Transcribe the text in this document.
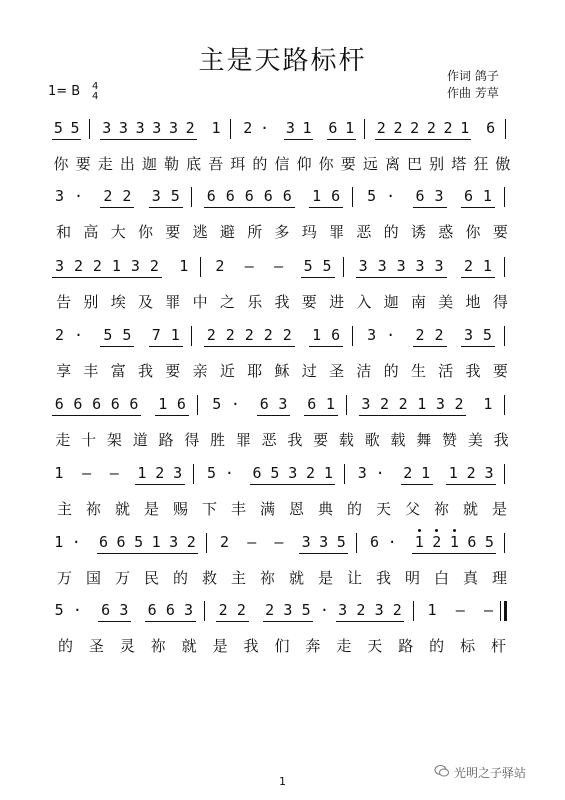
主是天路标杆	作词 鸽子
作曲 芳草
1= B 4
4
5 5 3 3 3 3 3 2 1 2 · 3 1 6 1 2 2 2 2 2 1 6
你 要 走 出 迦 勒 底 吾 珥 的 信 仰 你 要 远 离 巴 别 塔 狂 傲
3 · 2 2 3 5 6 6 6 6 6 1 6 5 · 6 3 6 1
和 高 大 你 要 逃 避 所 多 玛 罪 恶 的 诱 惑 你 要
3 2 2 1 3 2 1 2 – – 5 5 3 3 3 3 3 2 1
告 别 埃 及 罪 中 之 乐 我 要 进 入 迦 南 美 地 得
2 · 5 5 7 1 2 2 2 2 2 1 6 3 · 2 2 3 5
享 丰 富 我 要 亲 近 耶 稣 过 圣 洁 的 生 活 我 要
6 6 6 6 6 1 6 5 · 6 3 6 1 3 2 2 1 3 2 1
走 十 架 道 路 得 胜 罪 恶 我 要 载 歌 载 舞 赞 美 我
1 – – 1 2 3 5 · 6 5 3 2 1 3 · 2 1 1 2 3
主 祢 就 是 赐 下 丰 满 恩 典 的 天 父 祢 就 是
1 · 6 6 5 1 3 2 2 – – 3 3 5 6 · 1 2 1 6 5
万 国 万 民 的 救 主 祢 就 是 让 我 明 白 真 理
5 · 6 3 6 6 3 2 2 2 3 5 · 3 2 3 2 1 – –
的 圣 灵 祢 就 是 我 们 奔 走 天 路 的 标 杆
光明之子驿站
1
